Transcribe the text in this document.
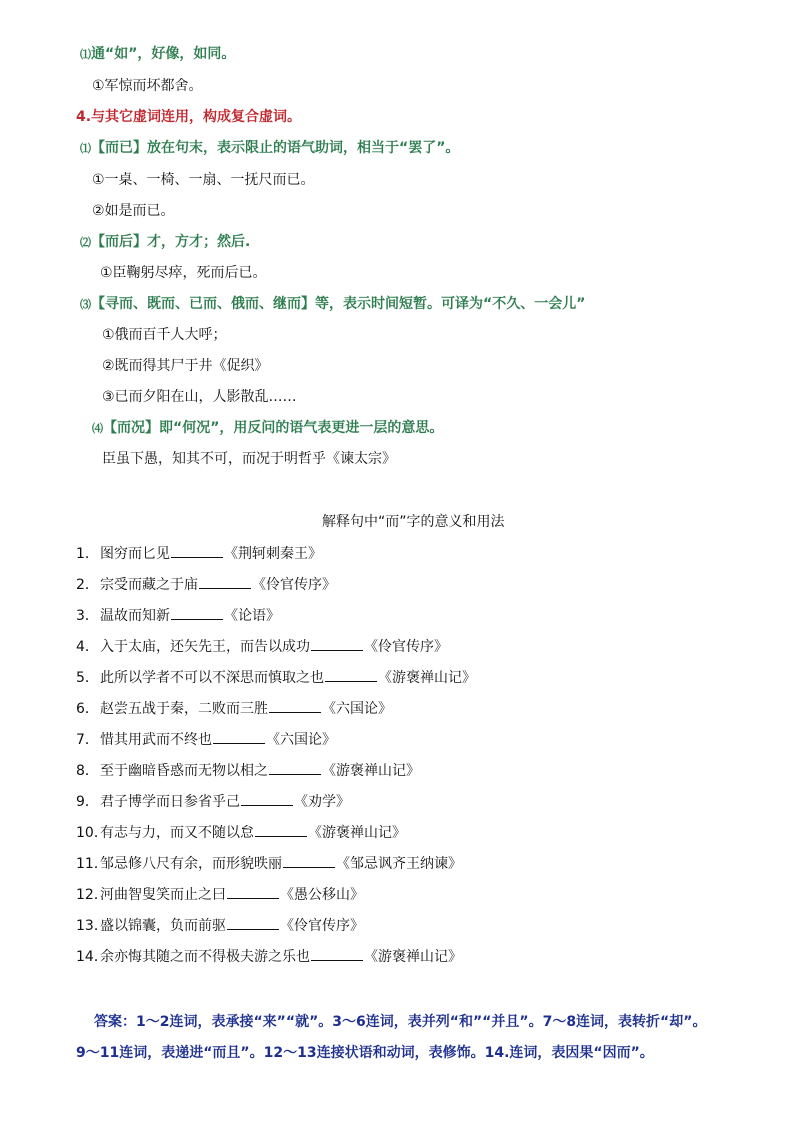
⑴通“如”，好像，如同。
①军惊而坏都舍。
4.与其它虚词连用，构成复合虚词。
⑴【而已】放在句末，表示限止的语气助词，相当于“罢了”。
①一桌、一椅、一扇、一抚尺而已。
②如是而已。
⑵【而后】才，方才；然后.
①臣鞠躬尽瘁，死而后已。
⑶【寻而、既而、已而、俄而、继而】等，表示时间短暂。可译为“不久、一会儿”
①俄而百千人大呼；
②既而得其尸于井《促织》
③已而夕阳在山，人影散乱……
⑷【而况】即“何况”，用反问的语气表更进一层的意思。
臣虽下愚，知其不可，而况于明哲乎《谏太宗》
解释句中“而”字的意义和用法
1．图穷而匕见	《荆轲刺秦王》
2．宗受而藏之于庙	《伶官传序》
3．温故而知新	《论语》
4．入于太庙，还矢先王，而告以成功	《伶官传序》
5．此所以学者不可以不深思而慎取之也	《游褒禅山记》
6．赵尝五战于秦，二败而三胜	《六国论》
7．惜其用武而不终也	《六国论》
8．至于幽暗昏惑而无物以相之	《游褒禅山记》
9．君子博学而日参省乎己	《劝学》
10．有志与力，而又不随以怠	《游褒禅山记》
11．邹忌修八尺有余，而形貌昳丽	《邹忌讽齐王纳谏》
12．河曲智叟笑而止之曰	《愚公移山》
13．盛以锦囊，负而前驱	《伶官传序》
14．余亦悔其随之而不得极夫游之乐也	《游褒禅山记》
答案：1～2连词，表承接“来”“就”。3～6连词，表并列“和”“并且”。7～8连词，表转折“却”。
9～11连词，表递进“而且”。12～13连接状语和动词，表修饰。14.连词，表因果“因而”。
